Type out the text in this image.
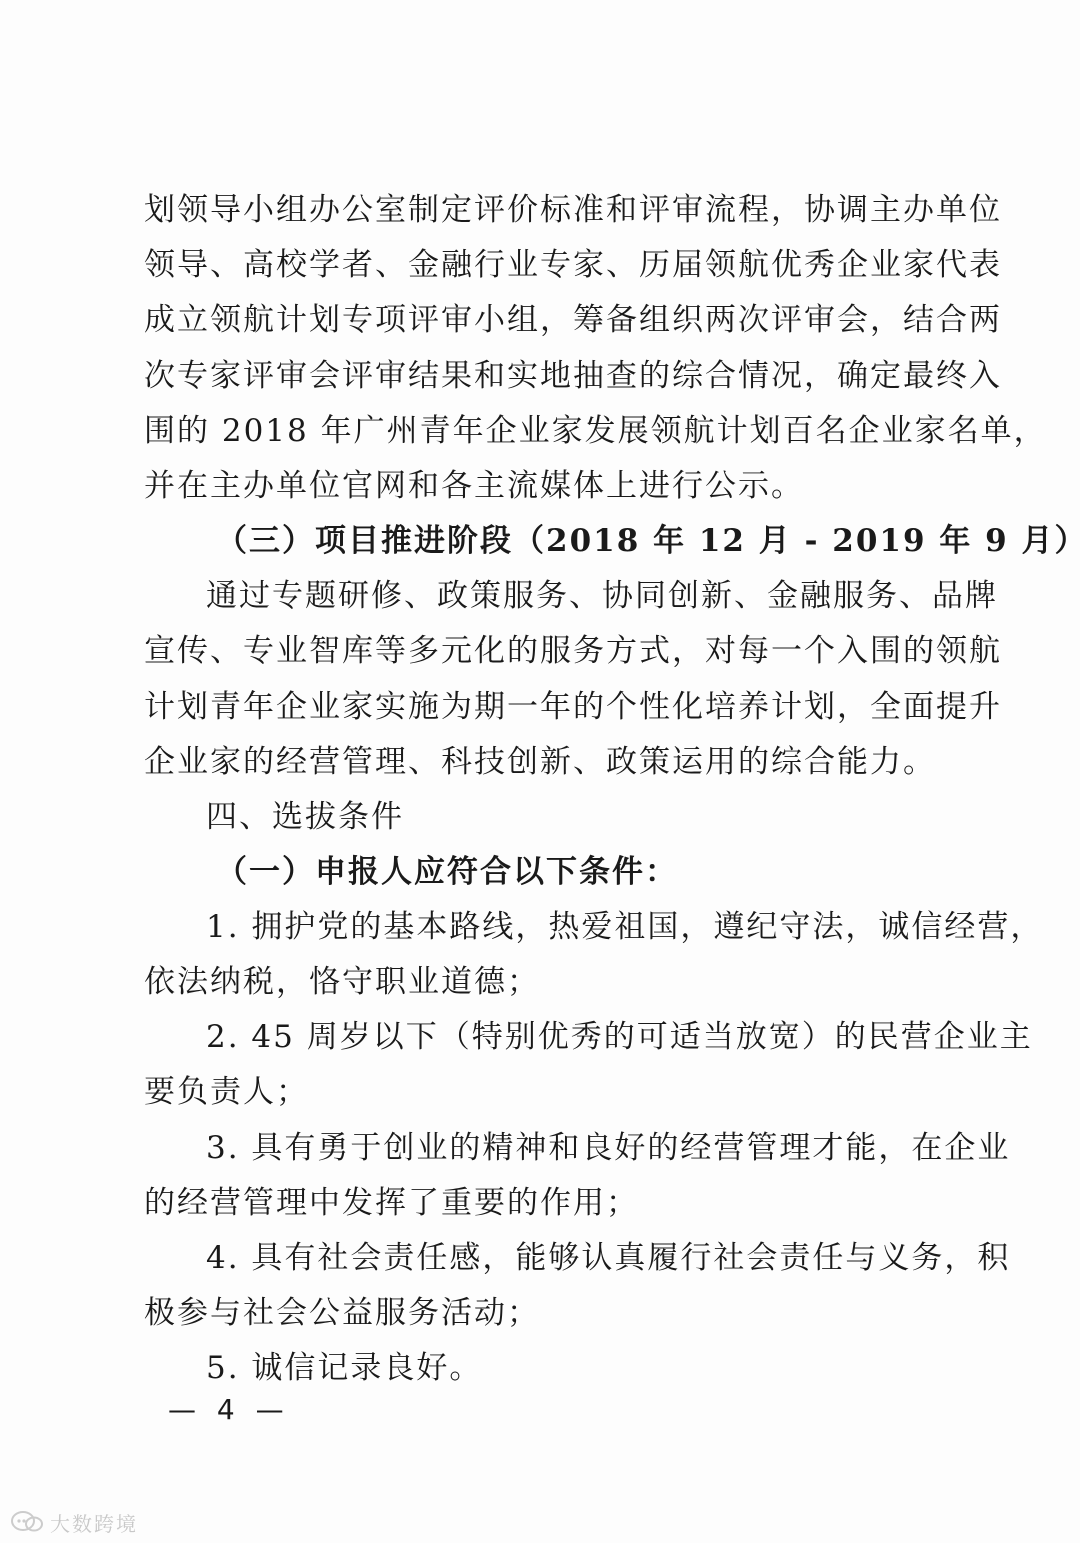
划领导小组办公室制定评价标准和评审流程，协调主办单位
领导、高校学者、金融行业专家、历届领航优秀企业家代表
成立领航计划专项评审小组，筹备组织两次评审会，结合两
次专家评审会评审结果和实地抽查的综合情况，确定最终入
围的 2018 年广州青年企业家发展领航计划百名企业家名单，
并在主办单位官网和各主流媒体上进行公示。
（三）项目推进阶段（2018 年 12 月 - 2019 年 9 月）
通过专题研修、政策服务、协同创新、金融服务、品牌
宣传、专业智库等多元化的服务方式，对每一个入围的领航
计划青年企业家实施为期一年的个性化培养计划，全面提升
企业家的经营管理、科技创新、政策运用的综合能力。
四、选拔条件
（一）申报人应符合以下条件：
1. 拥护党的基本路线，热爱祖国，遵纪守法，诚信经营，
依法纳税，恪守职业道德；
2. 45 周岁以下（特别优秀的可适当放宽）的民营企业主
要负责人；
3. 具有勇于创业的精神和良好的经营管理才能，在企业
的经营管理中发挥了重要的作用；
4. 具有社会责任感，能够认真履行社会责任与义务，积
极参与社会公益服务活动；
5. 诚信记录良好。
— 4 —
大数跨境
